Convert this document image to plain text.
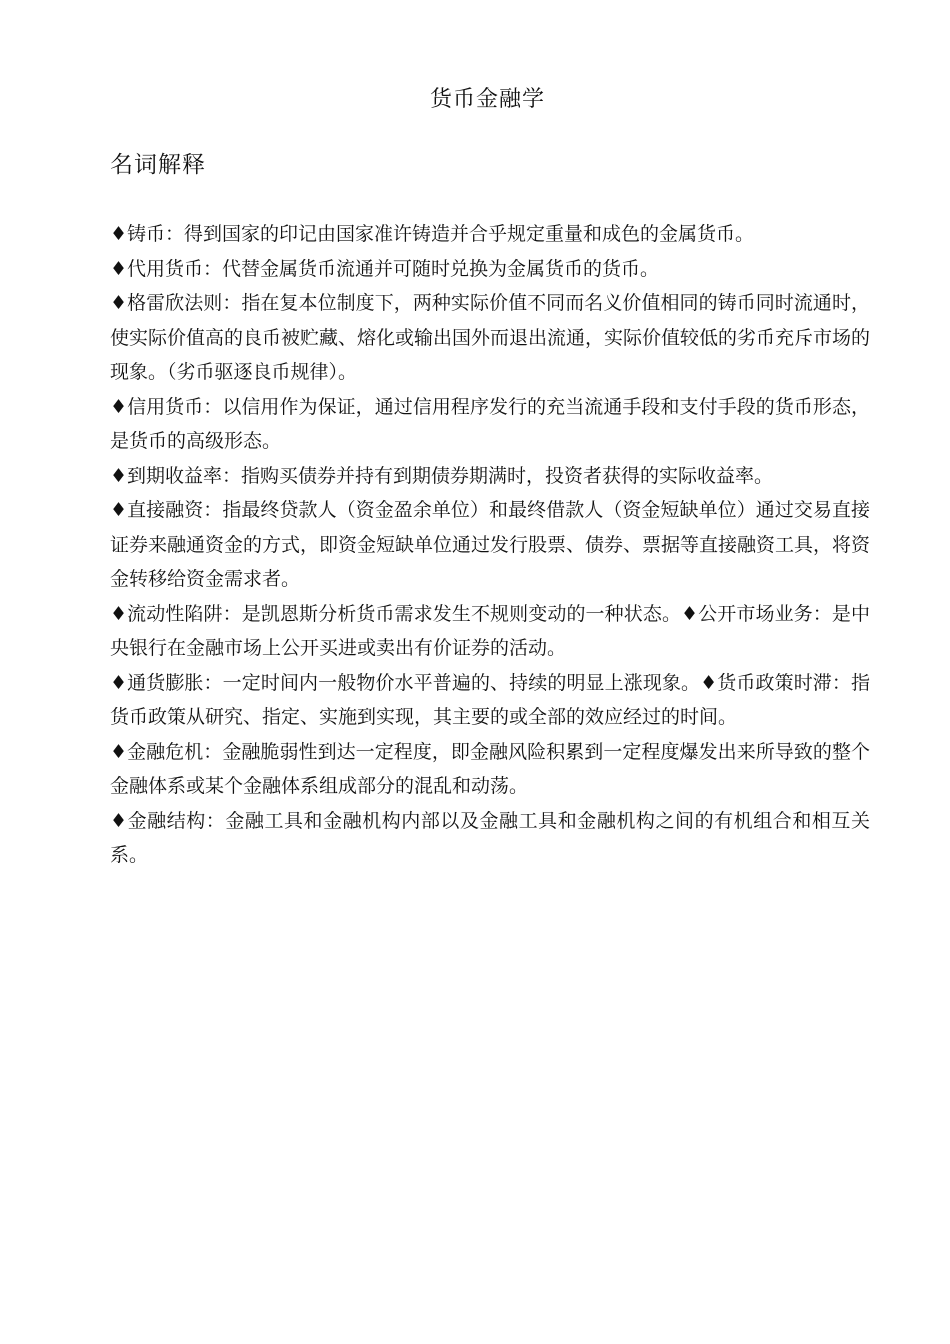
货币金融学
名词解释

♦铸币：得到国家的印记由国家准许铸造并合乎规定重量和成色的金属货币。

♦代用货币：代替金属货币流通并可随时兑换为金属货币的货币。

♦格雷欣法则：指在复本位制度下，两种实际价值不同而名义价值相同的铸币同时流通时，使实际价值高的良币被贮藏、熔化或输出国外而退出流通，实际价值较低的劣币充斥市场的现象。（劣币驱逐良币规律）。

♦信用货币：以信用作为保证，通过信用程序发行的充当流通手段和支付手段的货币形态，是货币的高级形态。

♦到期收益率：指购买债券并持有到期债券期满时，投资者获得的实际收益率。

♦直接融资：指最终贷款人（资金盈余单位）和最终借款人（资金短缺单位）通过交易直接证券来融通资金的方式，即资金短缺单位通过发行股票、债券、票据等直接融资工具，将资金转移给资金需求者。

♦流动性陷阱：是凯恩斯分析货币需求发生不规则变动的一种状态。♦公开市场业务：是中央银行在金融市场上公开买进或卖出有价证券的活动。

♦通货膨胀：一定时间内一般物价水平普遍的、持续的明显上涨现象。♦货币政策时滞：指货币政策从研究、指定、实施到实现，其主要的或全部的效应经过的时间。

♦金融危机：金融脆弱性到达一定程度，即金融风险积累到一定程度爆发出来所导致的整个金融体系或某个金融体系组成部分的混乱和动荡。

♦金融结构：金融工具和金融机构内部以及金融工具和金融机构之间的有机组合和相互关系。
